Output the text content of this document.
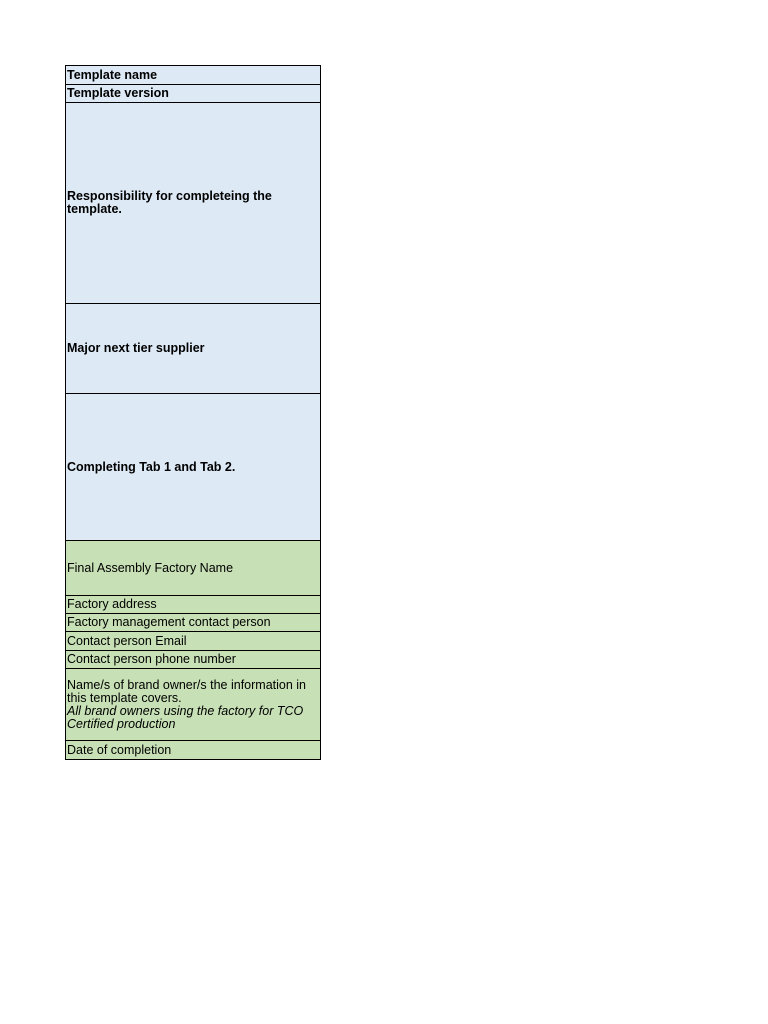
Template name
Template version
Responsibility for completeing the template.
Major next tier supplier
Completing Tab 1 and Tab 2.
Final Assembly Factory Name
Factory address
Factory management contact person
Contact person Email
Contact person phone number

Name/s of brand owner/s the information in this template covers.
All brand owners using the factory for TCO Certified production

Date of completion
